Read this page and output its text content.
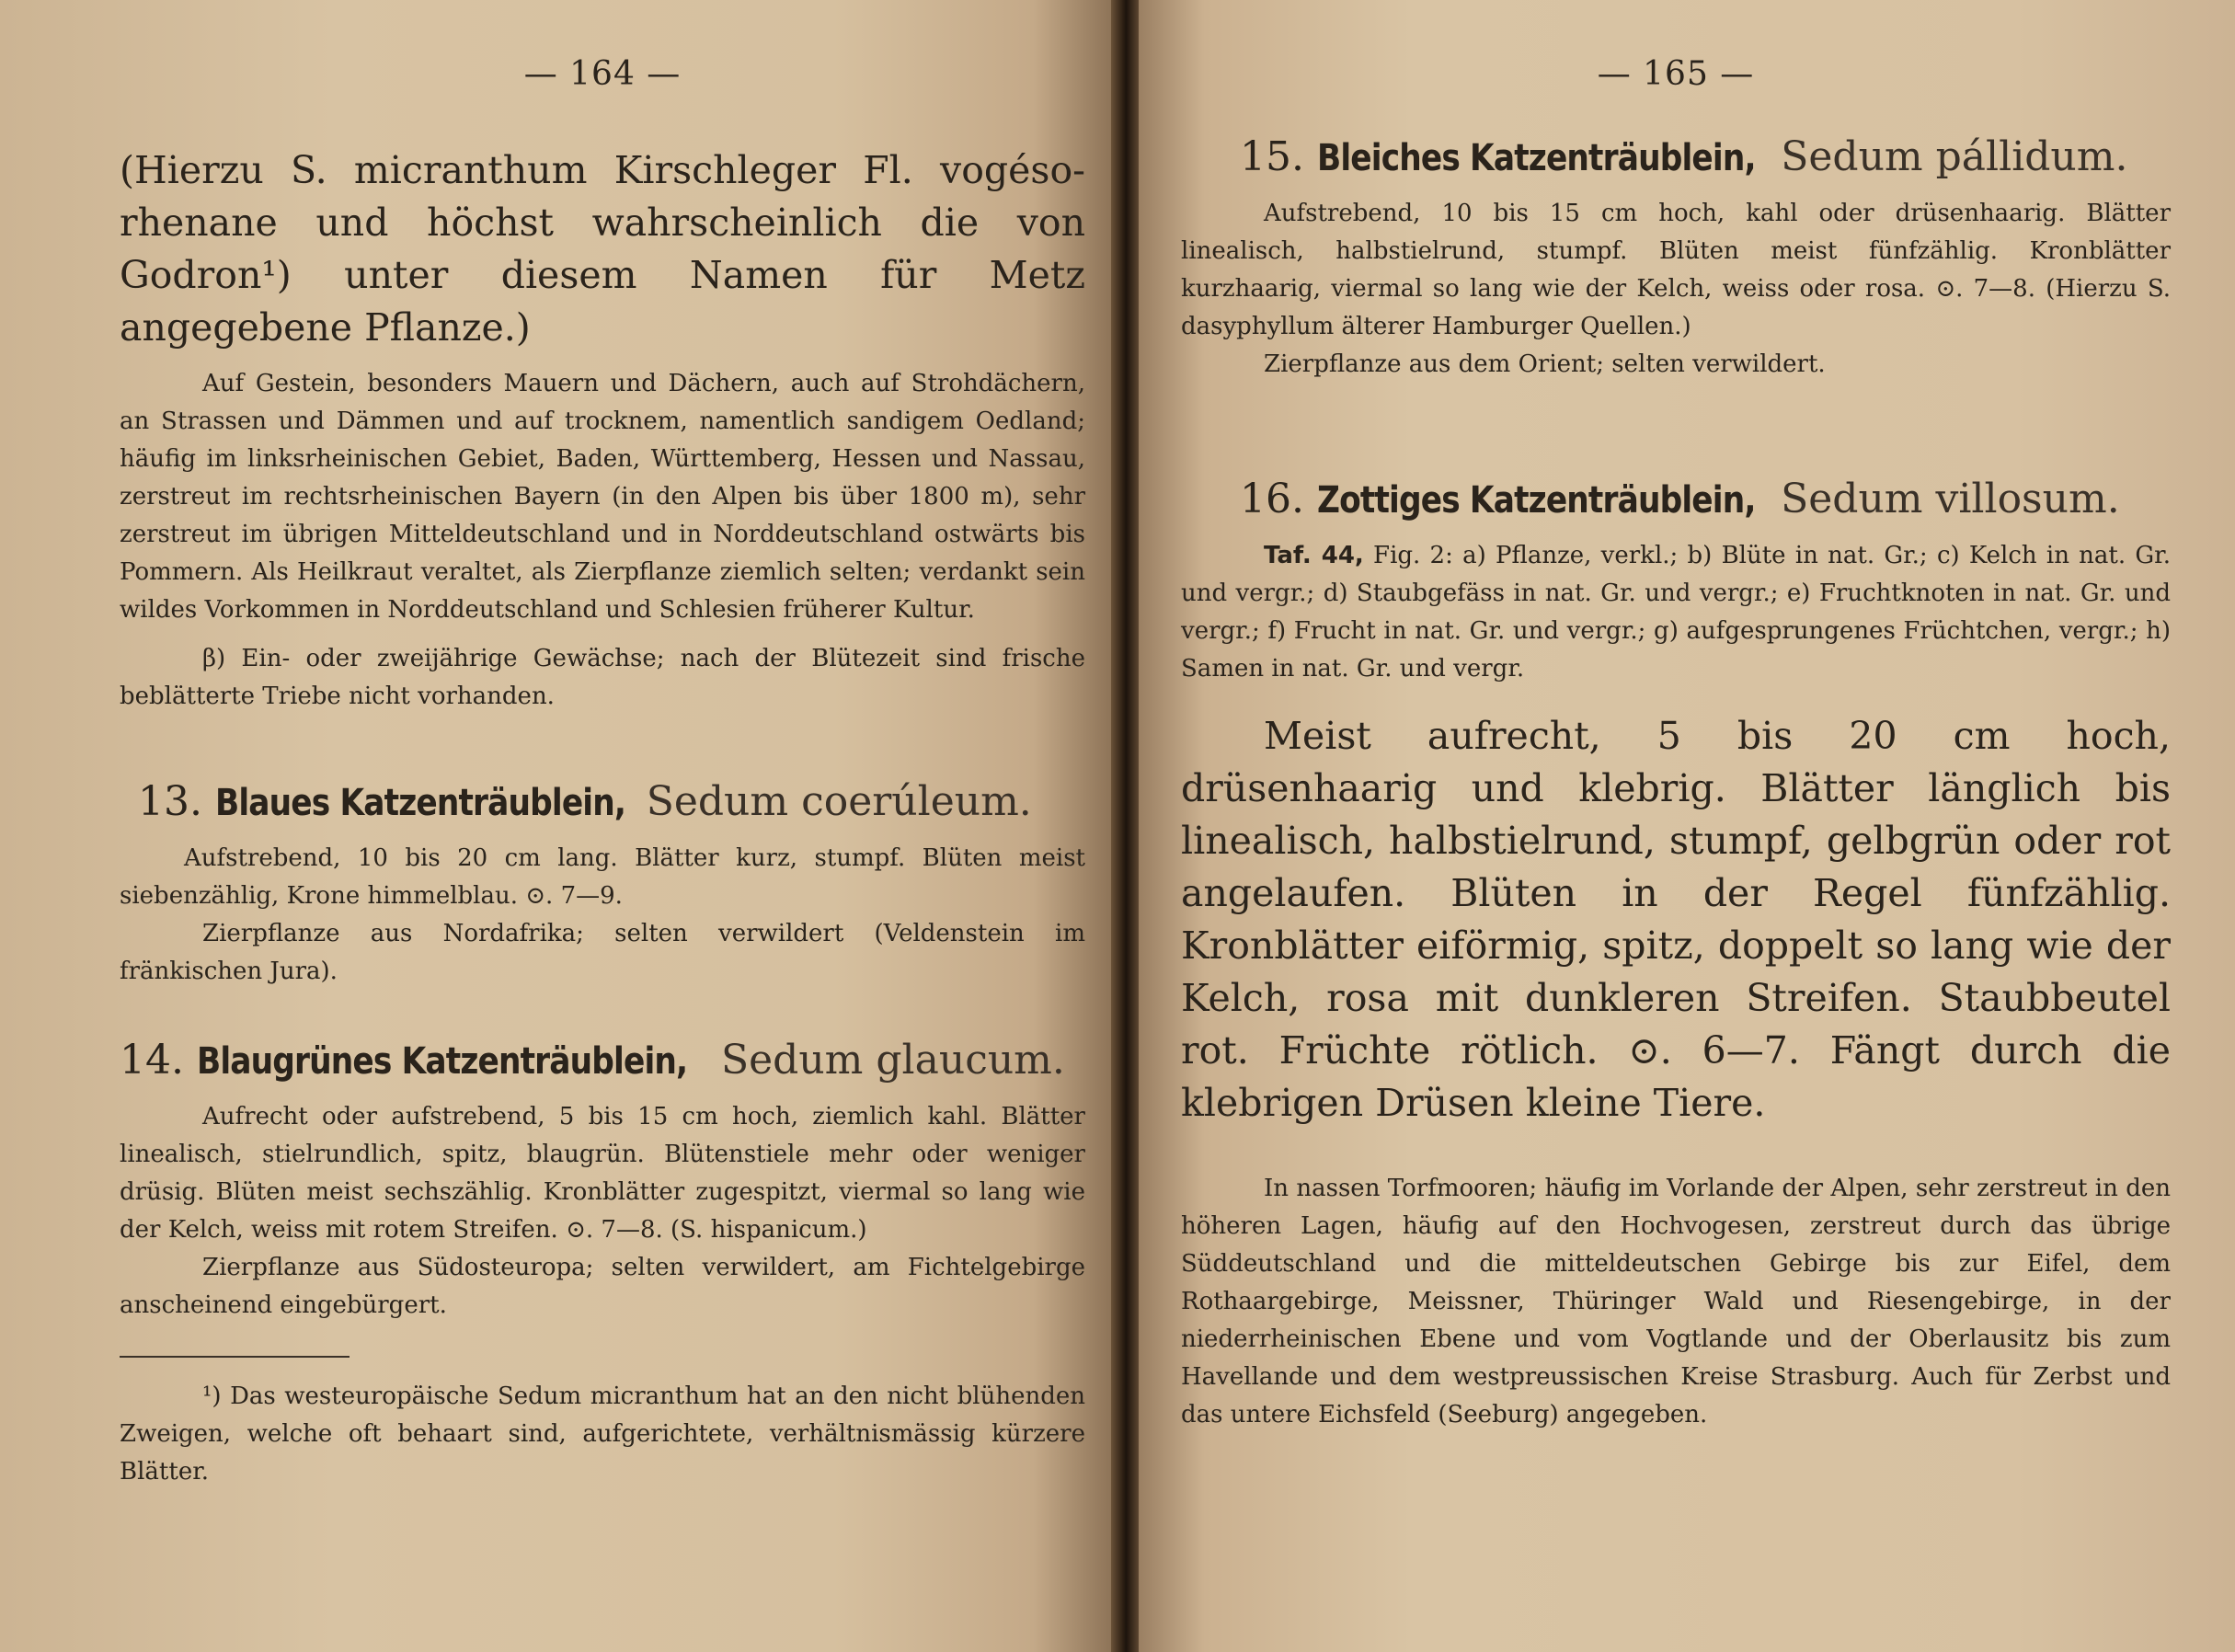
— 164 —

(Hierzu S. micranthum Kirschleger Fl. vogéso-rhenane und höchst wahrscheinlich die von Godron¹) unter diesem Namen für Metz angegebene Pflanze.)

Auf Gestein, besonders Mauern und Dächern, auch auf Strohdächern, an Strassen und Dämmen und auf trocknem, namentlich sandigem Oedland; häufig im linksrheinischen Gebiet, Baden, Württemberg, Hessen und Nassau, zerstreut im rechtsrheinischen Bayern (in den Alpen bis über 1800 m), sehr zerstreut im übrigen Mitteldeutschland und in Norddeutschland ostwärts bis Pommern. Als Heilkraut veraltet, als Zierpflanze ziemlich selten; verdankt sein wildes Vorkommen in Norddeutschland und Schlesien früherer Kultur.

β) Ein- oder zweijährige Gewächse; nach der Blütezeit sind frische beblätterte Triebe nicht vorhanden.

13. Blaues Katzenträublein, Sedum coerúleum.

Aufstrebend, 10 bis 20 cm lang. Blätter kurz, stumpf. Blüten meist siebenzählig, Krone himmelblau. ⊙. 7—9.

Zierpflanze aus Nordafrika; selten verwildert (Veldenstein im fränkischen Jura).

14. Blaugrünes Katzenträublein, Sedum glaucum.

Aufrecht oder aufstrebend, 5 bis 15 cm hoch, ziemlich kahl. Blätter linealisch, stielrundlich, spitz, blaugrün. Blütenstiele mehr oder weniger drüsig. Blüten meist sechszählig. Kronblätter zugespitzt, viermal so lang wie der Kelch, weiss mit rotem Streifen. ⊙. 7—8. (S. hispanicum.)

Zierpflanze aus Südosteuropa; selten verwildert, am Fichtelgebirge anscheinend eingebürgert.

¹) Das westeuropäische Sedum micranthum hat an den nicht blühenden Zweigen, welche oft behaart sind, aufgerichtete, verhältnismässig kürzere Blätter.

— 165 —
15. Bleiches Katzenträublein, Sedum pállidum.

Aufstrebend, 10 bis 15 cm hoch, kahl oder drüsenhaarig. Blätter linealisch, halbstielrund, stumpf. Blüten meist fünfzählig. Kronblätter kurzhaarig, viermal so lang wie der Kelch, weiss oder rosa. ⊙. 7—8. (Hierzu S. dasyphyllum älterer Hamburger Quellen.)

Zierpflanze aus dem Orient; selten verwildert.

16. Zottiges Katzenträublein, Sedum villosum.

Taf. 44, Fig. 2: a) Pflanze, verkl.; b) Blüte in nat. Gr.; c) Kelch in nat. Gr. und vergr.; d) Staubgefäss in nat. Gr. und vergr.; e) Fruchtknoten in nat. Gr. und vergr.; f) Frucht in nat. Gr. und vergr.; g) aufgesprungenes Früchtchen, vergr.; h) Samen in nat. Gr. und vergr.

Meist aufrecht, 5 bis 20 cm hoch, drüsenhaarig und klebrig. Blätter länglich bis linealisch, halbstielrund, stumpf, gelbgrün oder rot angelaufen. Blüten in der Regel fünfzählig. Kronblätter eiförmig, spitz, doppelt so lang wie der Kelch, rosa mit dunkleren Streifen. Staubbeutel rot. Früchte rötlich. ⊙. 6—7. Fängt durch die klebrigen Drüsen kleine Tiere.

In nassen Torfmooren; häufig im Vorlande der Alpen, sehr zerstreut in den höheren Lagen, häufig auf den Hochvogesen, zerstreut durch das übrige Süddeutschland und die mitteldeutschen Gebirge bis zur Eifel, dem Rothaargebirge, Meissner, Thüringer Wald und Riesengebirge, in der niederrheinischen Ebene und vom Vogtlande und der Oberlausitz bis zum Havellande und dem westpreussischen Kreise Strasburg. Auch für Zerbst und das untere Eichsfeld (Seeburg) angegeben.
